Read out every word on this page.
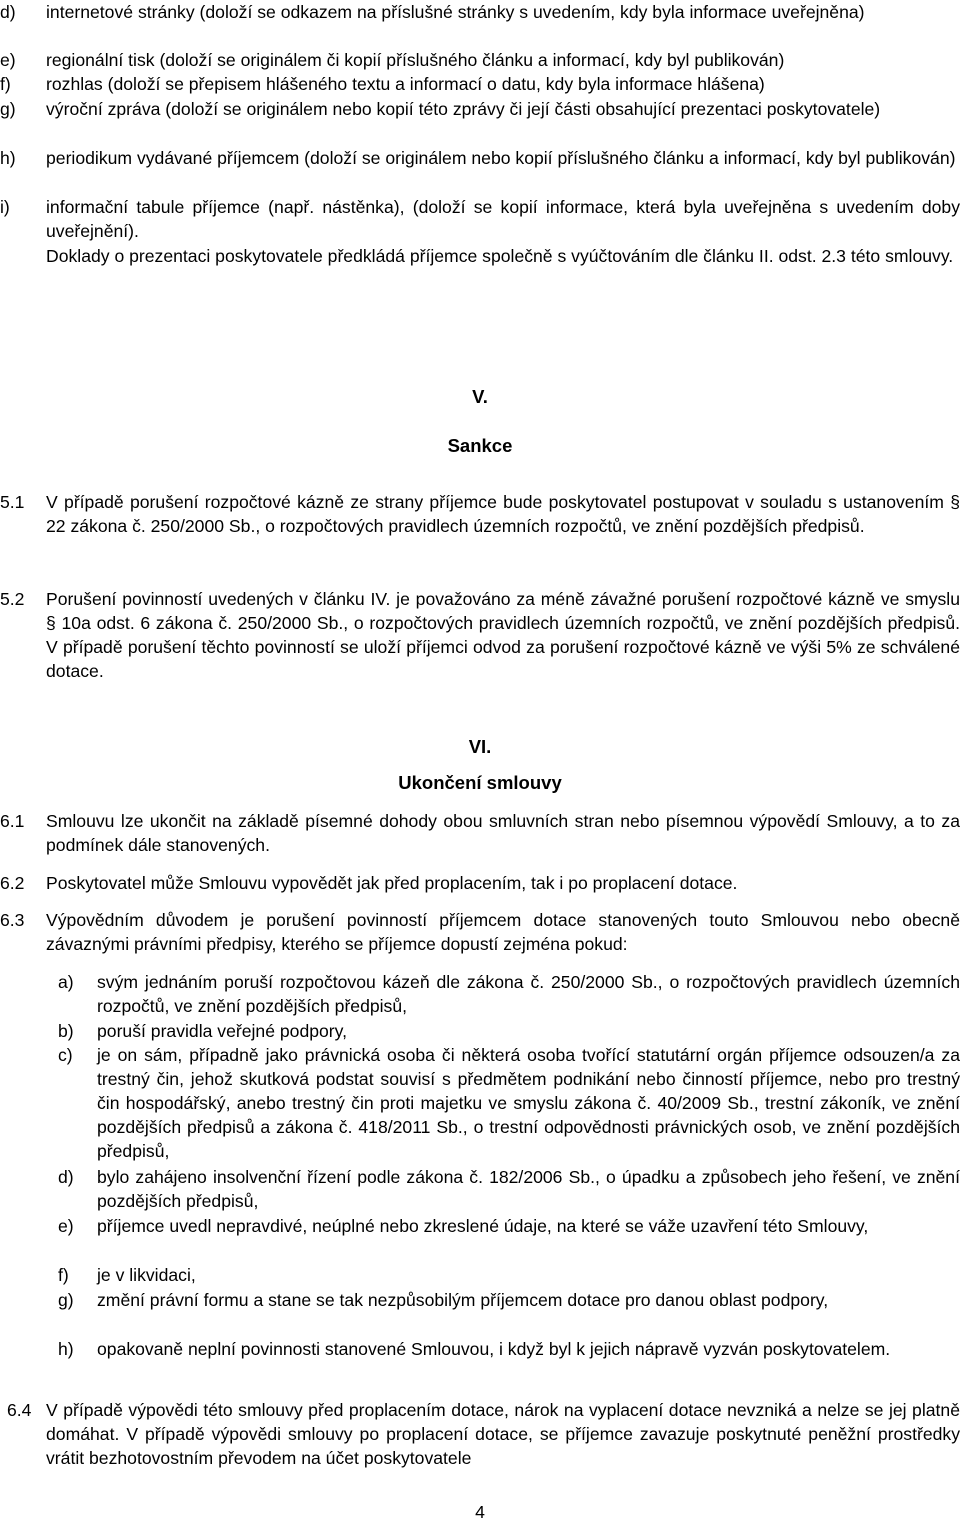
d) internetové stránky (doloží se odkazem na příslušné stránky s uvedením, kdy byla informace uveřejněna)
e) regionální tisk (doloží se originálem či kopií příslušného článku a informací, kdy byl publikován)
f) rozhlas (doloží se přepisem hlášeného textu a informací o datu, kdy byla informace hlášena)
g) výroční zpráva (doloží se originálem nebo kopií této zprávy či její části obsahující prezentaci poskytovatele)
h) periodikum vydávané příjemcem (doloží se originálem nebo kopií příslušného článku a informací, kdy byl publikován)
i) informační tabule příjemce (např. nástěnka), (doloží se kopií informace, která byla uveřejněna s uvedením doby uveřejnění).
Doklady o prezentaci poskytovatele předkládá příjemce společně s vyúčtováním dle článku II. odst. 2.3 této smlouvy.
V.
Sankce
5.1 V případě porušení rozpočtové kázně ze strany příjemce bude poskytovatel postupovat v souladu s ustanovením § 22 zákona č. 250/2000 Sb., o rozpočtových pravidlech územních rozpočtů, ve znění pozdějších předpisů.
5.2 Porušení povinností uvedených v článku IV. je považováno za méně závažné porušení rozpočtové kázně ve smyslu § 10a odst. 6 zákona č. 250/2000 Sb., o rozpočtových pravidlech územních rozpočtů, ve znění pozdějších předpisů. V případě porušení těchto povinností se uloží příjemci odvod za porušení rozpočtové kázně ve výši 5% ze schválené dotace.
VI.
Ukončení smlouvy
6.1 Smlouvu lze ukončit na základě písemné dohody obou smluvních stran nebo písemnou výpovědí Smlouvy, a to za podmínek dále stanovených.
6.2 Poskytovatel může Smlouvu vypovědět jak před proplacením, tak i po proplacení dotace.
6.3 Výpovědním důvodem je porušení povinností příjemcem dotace stanovených touto Smlouvou nebo obecně závaznými právními předpisy, kterého se příjemce dopustí zejména pokud:
a) svým jednáním poruší rozpočtovou kázeň dle zákona č. 250/2000 Sb., o rozpočtových pravidlech územních rozpočtů, ve znění pozdějších předpisů,
b) poruší pravidla veřejné podpory,
c) je on sám, případně jako právnická osoba či některá osoba tvořící statutární orgán příjemce odsouzen/a za trestný čin, jehož skutková podstat souvisí s předmětem podnikání nebo činností příjemce, nebo pro trestný čin hospodářský, anebo trestný čin proti majetku ve smyslu zákona č. 40/2009 Sb., trestní zákoník, ve znění pozdějších předpisů a zákona č. 418/2011 Sb., o trestní odpovědnosti právnických osob, ve znění pozdějších předpisů,
d) bylo zahájeno insolvenční řízení podle zákona č. 182/2006 Sb., o úpadku a způsobech jeho řešení, ve znění pozdějších předpisů,
e) příjemce uvedl nepravdivé, neúplné nebo zkreslené údaje, na které se váže uzavření této Smlouvy,
f) je v likvidaci,
g) změní právní formu a stane se tak nezpůsobilým příjemcem dotace pro danou oblast podpory,
h) opakovaně neplní povinnosti stanovené Smlouvou, i když byl k jejich nápravě vyzván poskytovatelem.
6.4 V případě výpovědi této smlouvy před proplacením dotace, nárok na vyplacení dotace nevzniká a nelze se jej platně domáhat. V případě výpovědi smlouvy po proplacení dotace, se příjemce zavazuje poskytnuté peněžní prostředky vrátit bezhotovostním převodem na účet poskytovatele
4
